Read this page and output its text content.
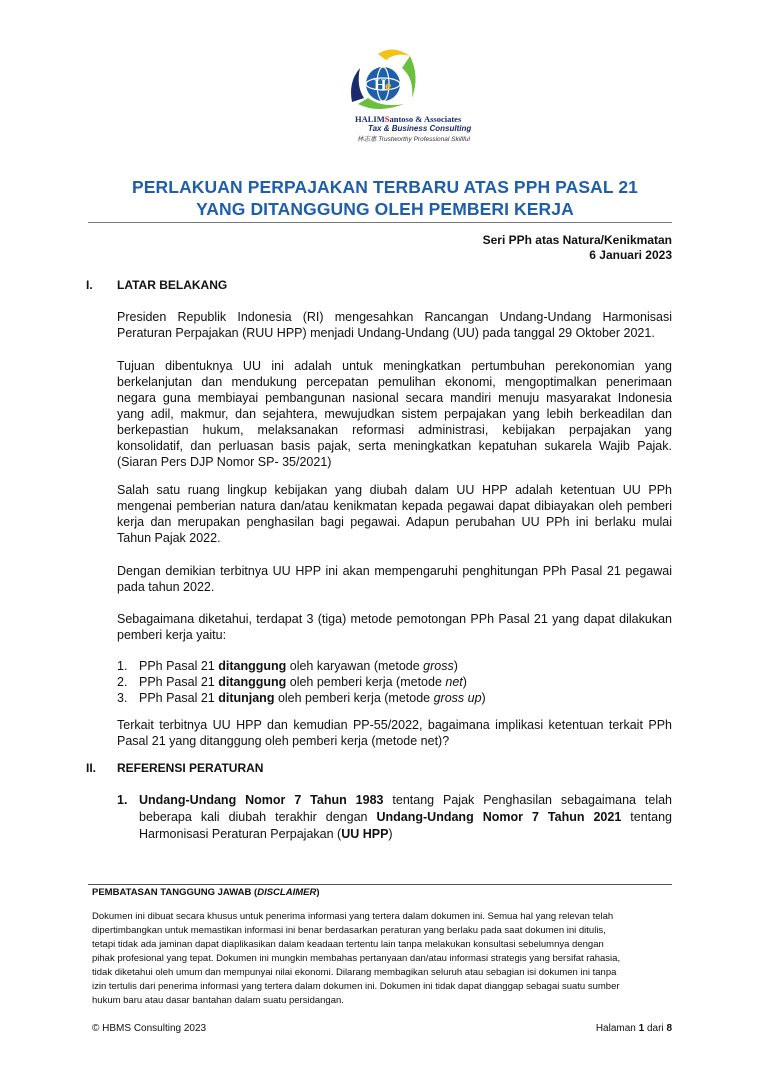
H
e
HALIMSantoso & Associates
Tax & Business Consulting
林志惠 Trustworthy Professional Skillful
PERLAKUAN PERPAJAKAN TERBARU ATAS PPH PASAL 21
YANG DITANGGUNG OLEH PEMBERI KERJA
Seri PPh atas Natura/Kenikmatan
6 Januari 2023
I. LATAR BELAKANG
Presiden Republik Indonesia (RI) mengesahkan Rancangan Undang-Undang Harmonisasi
Peraturan Perpajakan (RUU HPP) menjadi Undang-Undang (UU) pada tanggal 29 Oktober 2021.
Tujuan dibentuknya UU ini adalah untuk meningkatkan pertumbuhan perekonomian yang
berkelanjutan dan mendukung percepatan pemulihan ekonomi, mengoptimalkan penerimaan
negara guna membiayai pembangunan nasional secara mandiri menuju masyarakat Indonesia
yang adil, makmur, dan sejahtera, mewujudkan sistem perpajakan yang lebih berkeadilan dan
berkepastian hukum, melaksanakan reformasi administrasi, kebijakan perpajakan yang
konsolidatif, dan perluasan basis pajak, serta meningkatkan kepatuhan sukarela Wajib Pajak.
(Siaran Pers DJP Nomor SP- 35/2021)
Salah satu ruang lingkup kebijakan yang diubah dalam UU HPP adalah ketentuan UU PPh
mengenai pemberian natura dan/atau kenikmatan kepada pegawai dapat dibiayakan oleh pemberi
kerja dan merupakan penghasilan bagi pegawai. Adapun perubahan UU PPh ini berlaku mulai
Tahun Pajak 2022.
Dengan demikian terbitnya UU HPP ini akan mempengaruhi penghitungan PPh Pasal 21 pegawai
pada tahun 2022.
Sebagaimana diketahui, terdapat 3 (tiga) metode pemotongan PPh Pasal 21 yang dapat dilakukan
pemberi kerja yaitu:
1. PPh Pasal 21 ditanggung oleh karyawan (metode gross)
2. PPh Pasal 21 ditanggung oleh pemberi kerja (metode net)
3. PPh Pasal 21 ditunjang oleh pemberi kerja (metode gross up)
Terkait terbitnya UU HPP dan kemudian PP-55/2022, bagaimana implikasi ketentuan terkait PPh
Pasal 21 yang ditanggung oleh pemberi kerja (metode net)?
II. REFERENSI PERATURAN
1. Undang-Undang Nomor 7 Tahun 1983 tentang Pajak Penghasilan sebagaimana telah
beberapa kali diubah terakhir dengan Undang-Undang Nomor 7 Tahun 2021 tentang
Harmonisasi Peraturan Perpajakan (UU HPP)
PEMBATASAN TANGGUNG JAWAB (DISCLAIMER)
Dokumen ini dibuat secara khusus untuk penerima informasi yang tertera dalam dokumen ini. Semua hal yang relevan telah
dipertimbangkan untuk memastikan informasi ini benar berdasarkan peraturan yang berlaku pada saat dokumen ini ditulis,
tetapi tidak ada jaminan dapat diaplikasikan dalam keadaan tertentu lain tanpa melakukan konsultasi sebelumnya dengan
pihak profesional yang tepat. Dokumen ini mungkin membahas pertanyaan dan/atau informasi strategis yang bersifat rahasia,
tidak diketahui oleh umum dan mempunyai nilai ekonomi. Dilarang membagikan seluruh atau sebagian isi dokumen ini tanpa
izin tertulis dari penerima informasi yang tertera dalam dokumen ini. Dokumen ini tidak dapat dianggap sebagai suatu sumber
hukum baru atau dasar bantahan dalam suatu persidangan.
© HBMS Consulting 2023	Halaman 1 dari 8
